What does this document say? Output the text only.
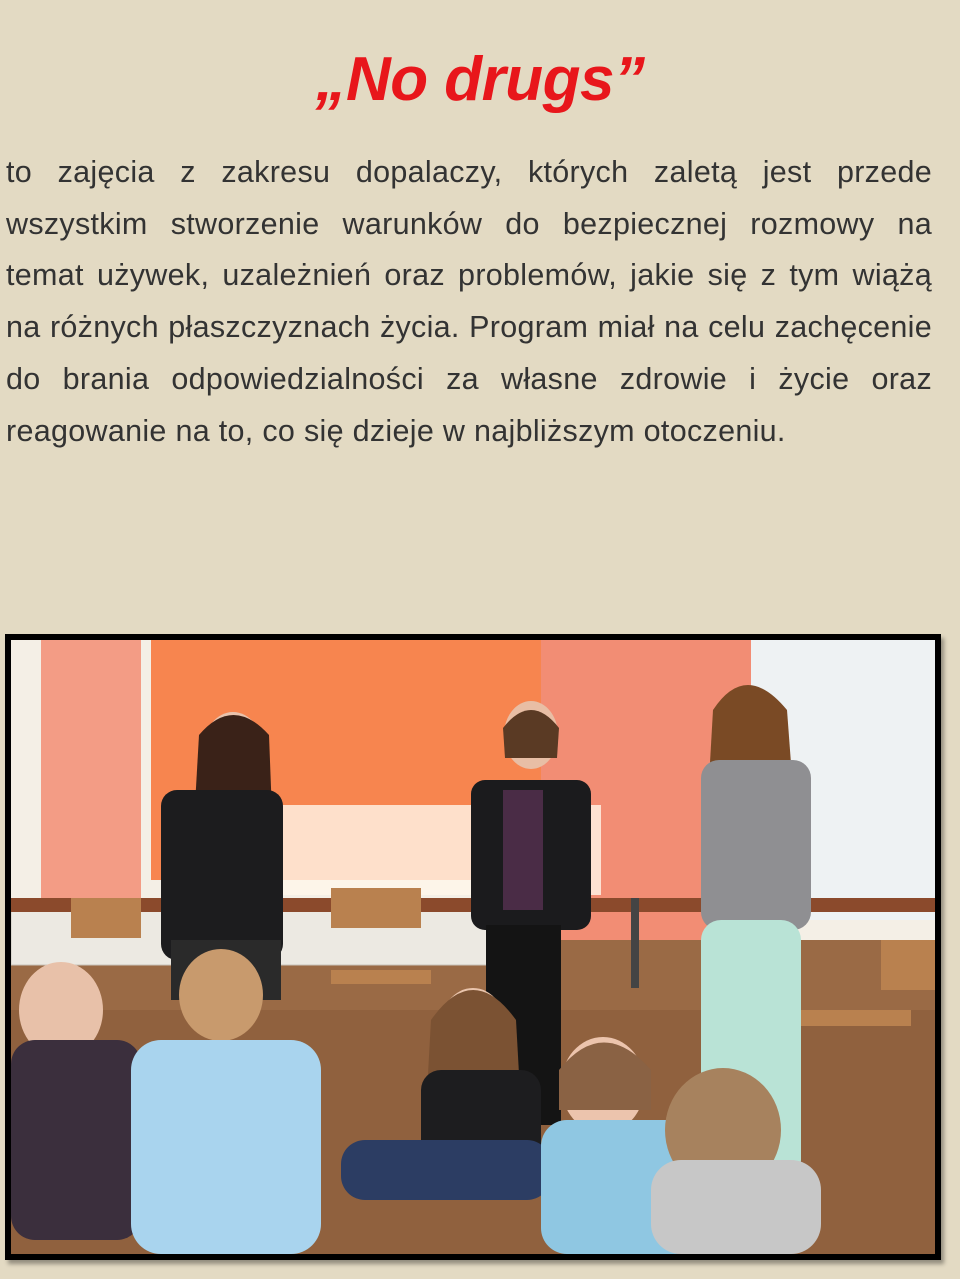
„No drugs”

to zajęcia z zakresu dopalaczy, których zaletą jest przede wszystkim stworzenie warunków do bezpiecznej rozmowy na temat używek, uzależnień oraz problemów, jakie się z tym wiążą na różnych płaszczyznach życia. Program miał na celu zachęcenie do brania odpowiedzialności za własne zdrowie i życie oraz reagowanie na to, co się dzieje w najbliższym otoczeniu.
